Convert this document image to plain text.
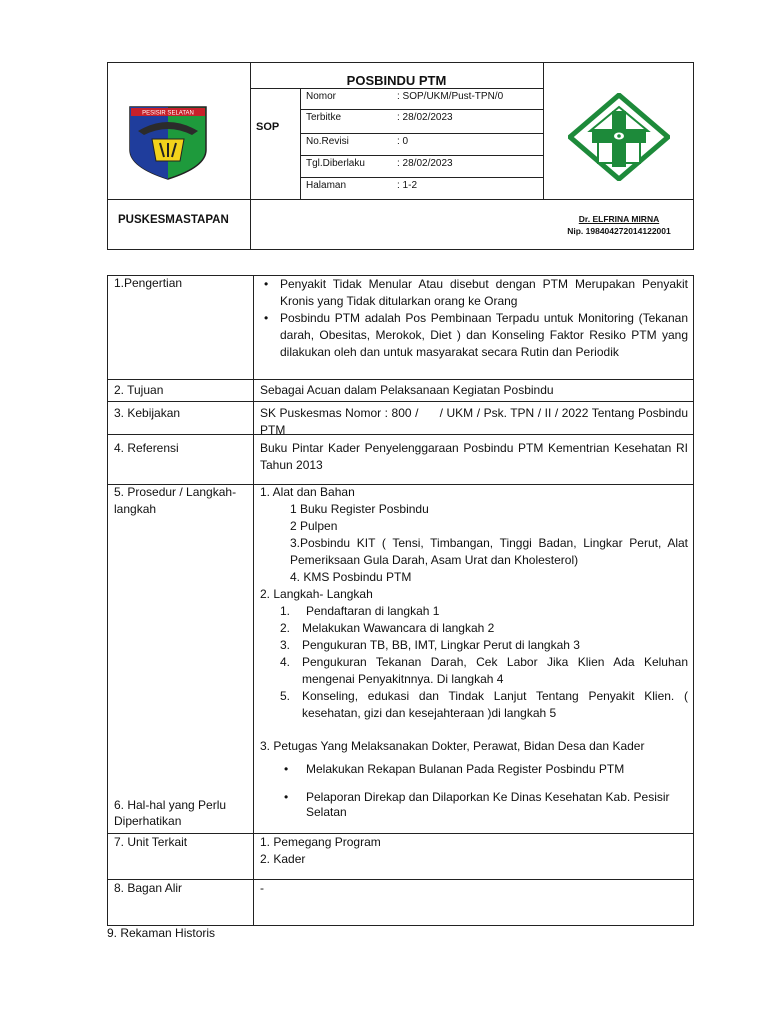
PESISIR SELATAN
POSBINDU PTM
SOP
Nomor	: SOP/UKM/Pust-TPN/0
Terbitke	: 28/02/2023
No.Revisi	: 0
Tgl.Diberlaku	: 28/02/2023
Halaman	: 1-2
PUSKESMASTAPAN	Dr. ELFRINA MIRNA
Nip. 198404272014122001
1.Pengertian
•	Penyakit Tidak Menular Atau disebut dengan PTM Merupakan Penyakit Kronis yang Tidak ditularkan orang ke Orang
• Posbindu PTM adalah Pos Pembinaan Terpadu untuk Monitoring (Tekanan darah, Obesitas, Merokok, Diet ) dan Konseling Faktor Resiko PTM yang dilakukan oleh dan untuk masyarakat secara Rutin dan Periodik
2. Tujuan	Sebagai Acuan dalam Pelaksanaan Kegiatan Posbindu
3. Kebijakan	SK Puskesmas Nomor : 800 /      / UKM / Psk. TPN / II / 2022 Tentang Posbindu PTM
4. Referensi	Buku Pintar Kader Penyelenggaraan Posbindu PTM Kementrian Kesehatan RI Tahun 2013
5. Prosedur / Langkah-
langkah
1. Alat dan Bahan
1 Buku Register Posbindu
2 Pulpen
3.Posbindu KIT ( Tensi, Timbangan, Tinggi Badan, Lingkar Perut, Alat Pemeriksaan Gula Darah, Asam Urat dan Kholesterol)
4. KMS Posbindu PTM
2. Langkah- Langkah
1. Pendaftaran di langkah 1
2. Melakukan Wawancara di langkah 2
3. Pengukuran TB, BB, IMT, Lingkar Perut di langkah 3
4. Pengukuran Tekanan Darah, Cek Labor Jika Klien Ada Keluhan mengenai Penyakitnnya. Di langkah 4
5. Konseling, edukasi dan Tindak Lanjut Tentang Penyakit Klien. ( kesehatan, gizi dan kesejahteraan )di langkah 5
3. Petugas Yang Melaksanakan Dokter, Perawat, Bidan Desa dan Kader
• Melakukan Rekapan Bulanan Pada Register Posbindu PTM
• Pelaporan Direkap dan Dilaporkan Ke Dinas Kesehatan Kab. Pesisir Selatan
6. Hal-hal yang Perlu
Diperhatikan
7. Unit Terkait	1. Pemegang Program
2. Kader
8. Bagan Alir	-
9. Rekaman Historis
